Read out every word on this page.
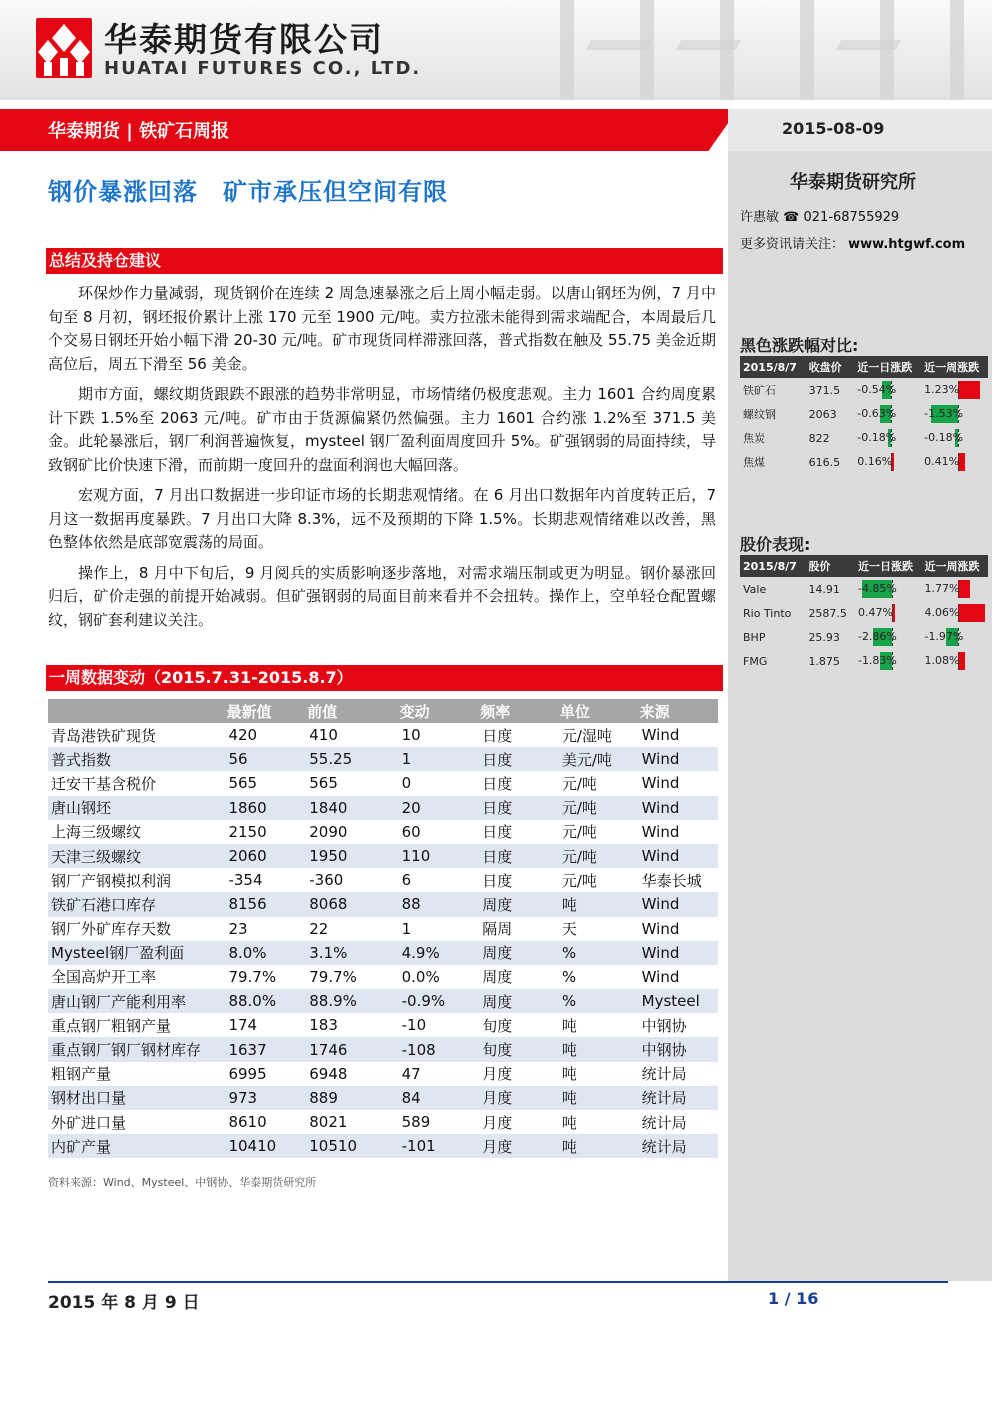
华泰期货有限公司
HUATAI FUTURES CO., LTD.
华泰期货 | 铁矿石周报	2015-08-09
华泰期货研究所
许惠敏 ☎ 021-68755929
更多资讯请关注： www.htgwf.com
黑色涨跌幅对比:
2015/8/7	收盘价	近一日涨跌	近一周涨跌
铁矿石	371.5	-0.54%	1.23%

螺纹钢	2063	-0.63%	-1.53%

焦炭	822	-0.18%	-0.18%

焦煤	616.5	0.16%	0.41%
股价表现:
2015/8/7	股价	近一日涨跌	近一周涨跌
Vale	14.91	-4.85%	1.77%

Rio Tinto	2587.5	0.47%	4.06%

BHP	25.93	-2.86%	-1.97%

FMG	1.875	-1.83%	1.08%
钢价暴涨回落　矿市承压但空间有限
总结及持仓建议

环保炒作力量减弱，现货钢价在连续 2 周急速暴涨之后上周小幅走弱。以唐山钢坯为例，7 月中旬至 8 月初，钢坯报价累计上涨 170 元至 1900 元/吨。卖方拉涨未能得到需求端配合，本周最后几个交易日钢坯开始小幅下滑 20-30 元/吨。矿市现货同样滞涨回落，普式指数在触及 55.75 美金近期高位后，周五下滑至 56 美金。

期市方面，螺纹期货跟跌不跟涨的趋势非常明显，市场情绪仍极度悲观。主力 1601 合约周度累计下跌 1.5%至 2063 元/吨。矿市由于货源偏紧仍然偏强。主力 1601 合约涨 1.2%至 371.5 美金。此轮暴涨后，钢厂利润普遍恢复，mysteel 钢厂盈利面周度回升 5%。矿强钢弱的局面持续，导致钢矿比价快速下滑，而前期一度回升的盘面利润也大幅回落。

宏观方面，7 月出口数据进一步印证市场的长期悲观情绪。在 6 月出口数据年内首度转正后，7 月这一数据再度暴跌。7 月出口大降 8.3%，远不及预期的下降 1.5%。长期悲观情绪难以改善，黑色整体依然是底部宽震荡的局面。

操作上，8 月中下旬后，9 月阅兵的实质影响逐步落地，对需求端压制或更为明显。钢价暴涨回归后，矿价走强的前提开始减弱。但矿强钢弱的局面目前来看并不会扭转。操作上，空单轻仓配置螺纹，钢矿套利建议关注。

一周数据变动（2015.7.31-2015.8.7）
	最新值	前值	变动	频率	单位	来源
青岛港铁矿现货	420	410	10	日度	元/湿吨	Wind
普式指数	56	55.25	1	日度	美元/吨	Wind
迁安干基含税价	565	565	0	日度	元/吨	Wind
唐山钢坯	1860	1840	20	日度	元/吨	Wind
上海三级螺纹	2150	2090	60	日度	元/吨	Wind
天津三级螺纹	2060	1950	110	日度	元/吨	Wind
钢厂产钢模拟利润	-354	-360	6	日度	元/吨	华泰长城
铁矿石港口库存	8156	8068	88	周度	吨	Wind
钢厂外矿库存天数	23	22	1	隔周	天	Wind
Mysteel钢厂盈利面	8.0%	3.1%	4.9%	周度	%	Wind
全国高炉开工率	79.7%	79.7%	0.0%	周度	%	Wind
唐山钢厂产能利用率	88.0%	88.9%	-0.9%	周度	%	Mysteel
重点钢厂粗钢产量	174	183	-10	旬度	吨	中钢协
重点钢厂钢厂钢材库存	1637	1746	-108	旬度	吨	中钢协
粗钢产量	6995	6948	47	月度	吨	统计局
钢材出口量	973	889	84	月度	吨	统计局
外矿进口量	8610	8021	589	月度	吨	统计局
内矿产量	10410	10510	-101	月度	吨	统计局
资料来源：Wind、Mysteel、中钢协、华泰期货研究所
2015 年 8 月 9 日	1 / 16
